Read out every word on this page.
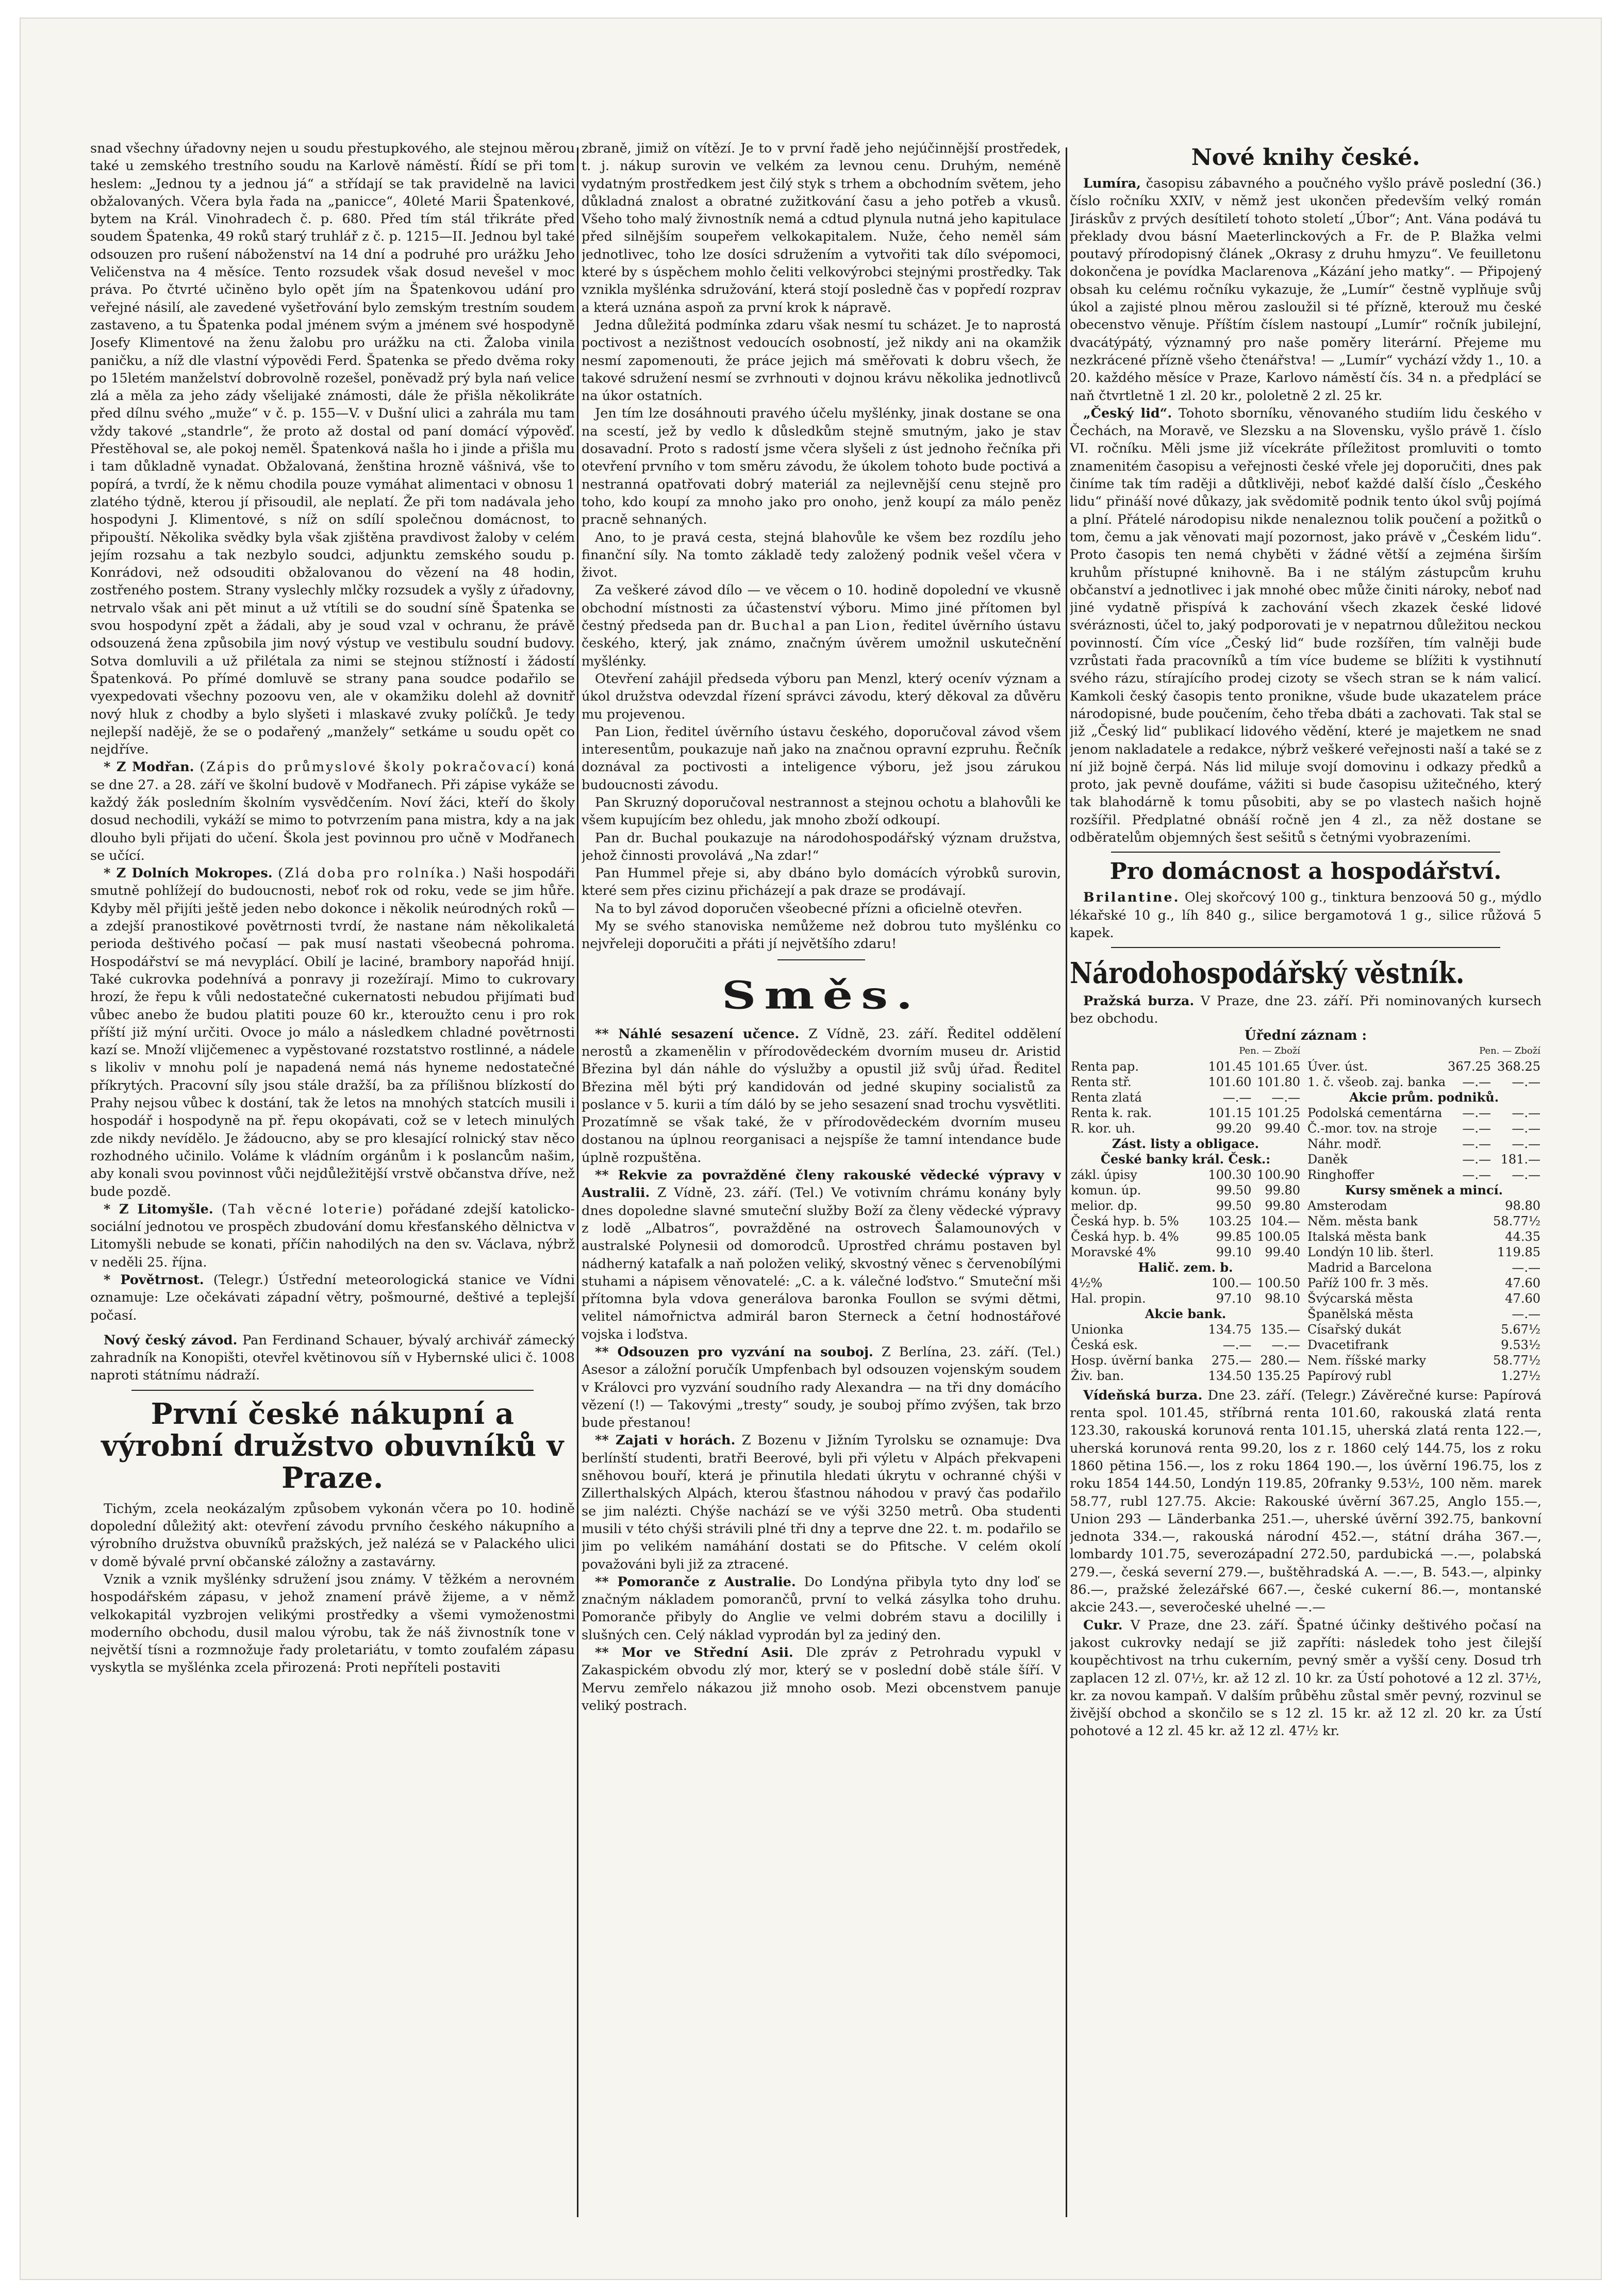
snad všechny úřadovny nejen u soudu přestupkového, ale stejnou měrou také u zemského trestního soudu na Karlově náměstí. Řídí se při tom heslem: „Jednou ty a jednou já“ a střídají se tak pravidelně na lavici obžalovaných. Včera byla řada na „panicce“, 40leté Marii Špatenkové, bytem na Král. Vinohradech č. p. 680. Před tím stál třikráte před soudem Špatenka, 49 roků starý truhlář z č. p. 1215—II. Jednou byl také odsouzen pro rušení náboženství na 14 dní a podruhé pro urážku Jeho Veličenstva na 4 měsíce. Tento rozsudek však dosud nevešel v moc práva. Po čtvrté učiněno bylo opět jím na Špatenkovou udání pro veřejné násilí, ale zavedené vyšetřování bylo zemským trestním soudem zastaveno, a tu Špatenka podal jménem svým a jménem své hospodyně Josefy Klimentové na ženu žalobu pro urážku na cti. Žaloba vinila paničku, a níž dle vlastní výpovědi Ferd. Špatenka se předo dvěma roky po 15letém manželství dobrovolně rozešel, poněvadž prý byla nań velice zlá a měla za jeho zády všelijaké známosti, dále že přišla několikráte před dílnu svého „muže“ v č. p. 155—V. v Dušní ulici a zahrála mu tam vždy takové „standrle“, že proto až dostal od paní domácí výpověď. Přestěhoval se, ale pokoj neměl. Špatenková našla ho i jinde a přišla mu i tam důkladně vynadat. Obžalovaná, ženština hrozně vášnivá, vše to popírá, a tvrdí, že k němu chodila pouze vymáhat alimentaci v obnosu 1 zlatého týdně, kterou jí přisoudil, ale neplatí. Že při tom nadávala jeho hospodyni J. Klimentové, s níž on sdílí společnou domácnost, to připouští. Několika svědky byla však zjištěna pravdivost žaloby v celém jejím rozsahu a tak nezbylo soudci, adjunktu zemského soudu p. Konrádovi, než odsouditi obžalovanou do vězení na 48 hodin, zostřeného postem. Strany vyslechly mlčky rozsudek a vyšly z úřadovny, netrvalo však ani pět minut a už vtítili se do soudní síně Špatenka se svou hospodyní zpět a žádali, aby je soud vzal v ochranu, že právě odsouzená žena způsobila jim nový výstup ve vestibulu soudní budovy. Sotva domluvili a už přilétala za nimi se stejnou stížností i žádostí Špatenková. Po přímé domluvě se strany pana soudce podařilo se vyexpedovati všechny pozoovu ven, ale v okamžiku dolehl až dovnitř nový hluk z chodby a bylo slyšeti i mlaskavé zvuky políčků. Je tedy nejlepší nadějě, že se o podařený „manžely“ setkáme u soudu opět co nejdříve.

* Z Modřan. (Zápis do průmyslové školy pokračovací) koná se dne 27. a 28. září ve školní budově v Modřanech. Při zápise vykáže se každý žák posledním školním vysvědčením. Noví žáci, kteří do školy dosud nechodili, vykáží se mimo to potvrzením pana mistra, kdy a na jak dlouho byli přijati do učení. Škola jest povinnou pro učně v Modřanech se učící.

* Z Dolních Mokropes. (Zlá doba pro rolníka.) Naši hospodáři smutně pohlížejí do budoucnosti, neboť rok od roku, vede se jim hůře. Kdyby měl přijíti ještě jeden nebo dokonce i několik neúrodných roků — a zdejší pranostikové povětrnosti tvrdí, že nastane nám několikaletá perioda deštivého počasí — pak musí nastati všeobecná pohroma. Hospodářství se má nevyplácí. Obilí je laciné, brambory napořád hnijí. Také cukrovka podehnívá a ponravy ji rozežírají. Mimo to cukrovary hrozí, že řepu k vůli nedostatečné cukernatosti nebudou přijímati buď vůbec anebo že budou platiti pouze 60 kr., kteroužto cenu i pro rok příští již mýní určiti. Ovoce jo málo a následkem chladné povětrnosti kazí se. Množí vlijčemenec a vypěstované rozstatstvo rostlinné, a nádele s likoliv v mnohu polí je napadená nemá nás hyneme nedostatečné příkrytých. Pracovní síly jsou stále dražší, ba za přílišnou blízkostí do Prahy nejsou vůbec k dostání, tak že letos na mnohých statcích musili i hospodář i hospodyně na př. řepu okopávati, což se v letech minulých zde nikdy nevídělo. Je žádoucno, aby se pro klesající rolnický stav něco rozhodného učinilo. Voláme k vládním orgánům i k poslancům našim, aby konali svou povinnost vůči nejdůležitější vrstvě občanstva dříve, než bude pozdě.

* Z Litomyšle. (Tah věcné loterie) pořádané zdejší katolicko-sociální jednotou ve prospěch zbudování domu křesťanského dělnictva v Litomyšli nebude se konati, příčin nahodilých na den sv. Václava, nýbrž v neděli 25. října.

* Povětrnost. (Telegr.) Ústřední meteorologická stanice ve Vídni oznamuje: Lze očekávati západní větry, pošmourné, deštivé a teplejší počasí.

Nový český závod. Pan Ferdinand Schauer, bývalý archivář zámecký zahradník na Konopišti, otevřel květinovou síň v Hybernské ulici č. 1008 naproti státnímu nádraží.

První české nákupní a výrobní družstvo obuvníků v Praze.

Tichým, zcela neokázalým způsobem vykonán včera po 10. hodině dopolední důležitý akt: otevření závodu prvního českého nákupního a výrobního družstva obuvníků pražských, jež nalézá se v Palackého ulici v domě bývalé první občanské záložny a zastavárny.

Vznik a vznik myšlénky sdružení jsou známy. V těžkém a nerovném hospodářském zápasu, v jehož znamení právě žijeme, a v němž velkokapitál vyzbrojen velikými prostředky a všemi vymoženostmi moderního obchodu, dusil malou výrobu, tak že náš živnostník tone v největší tísni a rozmnožuje řady proletariátu, v tomto zoufalém zápasu vyskytla se myšlénka zcela přirozená: Proti nepříteli postaviti

zbraně, jimiž on vítězí. Je to v první řadě jeho nejúčinnější prostředek, t. j. nákup surovin ve velkém za levnou cenu. Druhým, neméně vydatným prostředkem jest čilý styk s trhem a obchodním světem, jeho důkladná znalost a obratné zužitkování času a jeho potřeb a vkusů. Všeho toho malý živnostník nemá a cdtud plynula nutná jeho kapitulace před silnějším soupeřem velkokapitalem. Nuže, čeho neměl sám jednotlivec, toho lze dosíci sdružením a vytvořiti tak dílo svépomoci, které by s úspěchem mohlo čeliti velkovýrobci stejnými prostředky. Tak vznikla myšlénka sdružování, která stojí posledně čas v popředí rozprav a která uznána aspoň za první krok k nápravě.

Jedna důležitá podmínka zdaru však nesmí tu scházet. Je to naprostá poctivost a nezištnost vedoucích osobností, jež nikdy ani na okamžik nesmí zapomenouti, že práce jejich má směřovati k dobru všech, že takové sdružení nesmí se zvrhnouti v dojnou krávu několika jednotlivců na úkor ostatních.

Jen tím lze dosáhnouti pravého účelu myšlénky, jinak dostane se ona na scestí, jež by vedlo k důsledkům stejně smutným, jako je stav dosavadní. Proto s radostí jsme včera slyšeli z úst jednoho řečníka při otevření prvního v tom směru závodu, že úkolem tohoto bude poctivá a nestranná opatřovati dobrý materiál za nejlevnější cenu stejně pro toho, kdo koupí za mnoho jako pro onoho, jenž koupí za málo peněz pracně sehnaných.

Ano, to je pravá cesta, stejná blahovůle ke všem bez rozdílu jeho finanční síly. Na tomto základě tedy založený podnik vešel včera v život.

Za veškeré závod dílo — ve věcem o 10. hodině dopolední ve vkusně obchodní místnosti za účastenství výboru. Mimo jiné přítomen byl čestný předseda pan dr. Buchal a pan Lion, ředitel úvěrního ústavu českého, který, jak známo, značným úvěrem umožnil uskutečnění myšlénky.

Otevření zahájil předseda výboru pan Menzl, který ocenív význam a úkol družstva odevzdal řízení správci závodu, který děkoval za důvěru mu projevenou.

Pan Lion, ředitel úvěrního ústavu českého, doporučoval závod všem interesentům, poukazuje naň jako na značnou opravní ezpruhu. Řečník doznával za poctivosti a inteligence výboru, jež jsou zárukou budoucnosti závodu.

Pan Skruzný doporučoval nestrannost a stejnou ochotu a blahovůli ke všem kupujícím bez ohledu, jak mnoho zboží odkoupí.

Pan dr. Buchal poukazuje na národohospodářský význam družstva, jehož činnosti provolává „Na zdar!“

Pan Hummel přeje si, aby dbáno bylo domácích výrobků surovin, které sem přes cizinu přicházejí a pak draze se prodávají.

Na to byl závod doporučen všeobecné přízni a oficielně otevřen.

My se svého stanoviska nemůžeme než dobrou tuto myšlénku co nejvřeleji doporučiti a přáti jí největšího zdaru!

Směs.

** Náhlé sesazení učence. Z Vídně, 23. září. Ředitel oddělení nerostů a zkamenělin v přírodovědeckém dvorním museu dr. Aristid Březina byl dán náhle do výslužby a opustil již svůj úřad. Ředitel Březina měl býti prý kandidován od jedné skupiny socialistů za poslance v 5. kurii a tím dáló by se jeho sesazení snad trochu vysvětliti. Prozatímně se však také, že v přírodovědeckém dvorním museu dostanou na úplnou reorganisaci a nejspíše že tamní intendance bude úplně rozpuštěna.

** Rekvie za povražděné členy rakouské vědecké výpravy v Australii. Z Vídně, 23. září. (Tel.) Ve votivním chrámu konány byly dnes dopoledne slavné smuteční služby Boží za členy vědecké výpravy z lodě „Albatros“, povražděné na ostrovech Šalamounových v australské Polynesii od domorodců. Uprostřed chrámu postaven byl nádherný katafalk a naň položen veliký, skvostný věnec s červenobílými stuhami a nápisem věnovatelé: „C. a k. válečné loďstvo.“ Smuteční mši přítomna byla vdova generálova baronka Foullon se svými dětmi, velitel námořnictva admirál baron Sterneck a četní hodnostářové vojska i loďstva.

** Odsouzen pro vyzvání na souboj. Z Berlína, 23. září. (Tel.) Asesor a záložní poručík Umpfenbach byl odsouzen vojenským soudem v Královci pro vyzvání soudního rady Alexandra — na tři dny domácího vězení (!) — Takovými „tresty“ soudy, je souboj přímo zvýšen, tak brzo bude přestanou!

** Zajati v horách. Z Bozenu v Jižním Tyrolsku se oznamuje: Dva berlínští studenti, bratři Beerové, byli při výletu v Alpách překvapeni sněhovou bouří, která je přinutila hledati úkrytu v ochranné chýši v Zillerthalských Alpách, kterou šťastnou náhodou v pravý čas podařilo se jim nalézti. Chýše nachází se ve výši 3250 metrů. Oba studenti musili v této chýši strávili plné tři dny a teprve dne 22. t. m. podařilo se jim po velikém namáhání dostati se do Pfitsche. V celém okolí považováni byli již za ztracené.

** Pomoranče z Australie. Do Londýna přibyla tyto dny loď se značným nákladem pomorančů, první to velká zásylka toho druhu. Pomoranče přibyly do Anglie ve velmi dobrém stavu a docililly i slušných cen. Celý náklad vyprodán byl za jediný den.

** Mor ve Střední Asii. Dle zpráv z Petrohradu vypukl v Zakaspickém obvodu zlý mor, který se v poslední době stále šíří. V Mervu zemřelo nákazou již mnoho osob. Mezi obcenstvem panuje veliký postrach.

Nové knihy české.

Lumíra, časopisu zábavného a poučného vyšlo právě poslední (36.) číslo ročníku XXIV, v němž jest ukončen především velký román Jiráskův z prvých desítiletí tohoto století „Úbor“; Ant. Vána podává tu překlady dvou básní Maeterlinckových a Fr. de P. Blažka velmi poutavý přírodopisný článek „Okrasy z druhu hmyzu“. Ve feuilletonu dokončena je povídka Maclarenova „Kázání jeho matky“. — Připojený obsah ku celému ročníku vykazuje, že „Lumír“ čestně vyplňuje svůj úkol a zajisté plnou měrou zasloužil si té přízně, kterouž mu české obecenstvo věnuje. Příštím číslem nastoupí „Lumír“ ročník jubilejní, dvacátýpátý, významný pro naše poměry literární. Přejeme mu nezkrácené přízně všeho čtenářstva! — „Lumír“ vychází vždy 1., 10. a 20. každého měsíce v Praze, Karlovo náměstí čís. 34 n. a předplácí se naň čtvrtletně 1 zl. 20 kr., pololetně 2 zl. 25 kr.

„Český lid“. Tohoto sborníku, věnovaného studiím lidu českého v Čechách, na Moravě, ve Slezsku a na Slovensku, vyšlo právě 1. číslo VI. ročníku. Měli jsme již vícekráte příležitost promluviti o tomto znamenitém časopisu a veřejnosti české vřele jej doporučiti, dnes pak činíme tak tím raději a důtklivěji, neboť každé další číslo „Českého lidu“ přináší nové důkazy, jak svědomitě podnik tento úkol svůj pojímá a plní. Přátelé národopisu nikde nenaleznou tolik poučení a požitků o tom, čemu a jak věnovati mají pozornost, jako právě v „Českém lidu“. Proto časopis ten nemá chyběti v žádné větší a zejména širším kruhům přístupné knihovně. Ba i ne stálým zástupcům kruhu občanství a jednotlivec i jak mnohé obec může činiti nároky, neboť nad jiné vydatně přispívá k zachování všech zkazek české lidové svéráznosti, účel to, jaký podporovati je v nepatrnou důležitou neckou povinností. Čím více „Český lid“ bude rozšířen, tím valněji bude vzrůstati řada pracovníků a tím více budeme se blížiti k vystihnutí svého rázu, stírajícího prodej cizoty se všech stran se k nám valicí. Kamkoli český časopis tento pronikne, všude bude ukazatelem práce národopisné, bude poučením, čeho třeba dbáti a zachovati. Tak stal se již „Český lid“ publikací lidového vědění, které je majetkem ne snad jenom nakladatele a redakce, nýbrž veškeré veřejnosti naší a také se z ní již bojně čerpá. Nás lid miluje svojí domovinu i odkazy předků a proto, jak pevně doufáme, vážiti si bude časopisu užitečného, který tak blahodárně k tomu působiti, aby se po vlastech našich hojně rozšířil. Předplatné obnáší ročně jen 4 zl., za něž dostane se odběratelům objemných šest sešitů s četnými vyobrazeními.

Pro domácnost a hospodářství.

Brilantine. Olej skořcový 100 g., tinktura benzoová 50 g., mýdlo lékařské 10 g., líh 840 g., silice bergamotová 1 g., silice růžová 5 kapek.

Národohospodářský věstník.

Pražská burza. V Praze, dne 23. září. Při nominovaných kursech bez obchodu.

Úřední záznam :
	Pen. — Zboží	
Renta pap.	101.45	101.65
Renta stř.	101.60	101.80
Renta zlatá	—.—	—.—
Renta k. rak.	101.15	101.25
R. kor. uh.	99.20	99.40
Zást. listy a obligace.		
České banky král. Česk.:		
zákl. úpisy	100.30	100.90
komun. úp.	99.50	99.80
melior. dp.	99.50	99.80
Česká hyp. b. 5%	103.25	104.—
Česká hyp. b. 4%	99.85	100.05
Moravské 4%	99.10	99.40
Halič. zem. b.		
4½%	100.—	100.50
Hal. propin.	97.10	98.10
Akcie bank.		
Unionka	134.75	135.—
Česká esk.	—.—	—.—
Hosp. úvěrní banka	275.—	280.—
Živ. ban.	134.50	135.25
	Pen. — Zboží	
Úver. úst.	367.25	368.25
1. č. všeob. zaj. banka	—.—	—.—
Akcie prům. podniků.		
Podolská cementárna	—.—	—.—
Č.-mor. tov. na stroje	—.—	—.—
Náhr. modř.	—.—	—.—
Daněk	—.—	181.—
Ringhoffer	—.—	—.—
Kursy směnek a mincí.		
Amsterodam		98.80
Něm. města bank		58.77½
Italská města bank		44.35
Londýn 10 lib. šterl.		119.85
Madrid a Barcelona		—.—
Paříž 100 fr. 3 měs.		47.60
Švýcarská města		47.60
Španělská města		—.—
Císařský dukát		5.67½
Dvacetifrank		9.53½
Nem. říšské marky		58.77½
Papírový rubl		1.27½

Vídeňská burza. Dne 23. září. (Telegr.) Závěrečné kurse: Papírová renta spol. 101.45, stříbrná renta 101.60, rakouská zlatá renta 123.30, rakouská korunová renta 101.15, uherská zlatá renta 122.—, uherská korunová renta 99.20, los z r. 1860 celý 144.75, los z roku 1860 pětina 156.—, los z roku 1864 190.—, los úvěrní 196.75, los z roku 1854 144.50, Londýn 119.85, 20franky 9.53½, 100 něm. marek 58.77, rubl 127.75. Akcie: Rakouské úvěrní 367.25, Anglo 155.—, Union 293 — Länderbanka 251.—, uherské úvěrní 392.75, bankovní jednota 334.—, rakouská národní 452.—, státní dráha 367.—, lombardy 101.75, severozápadní 272.50, pardubická —.—, polabská 279.—, česká severní 279.—, buštěhradská A. —.—, B. 543.—, alpinky 86.—, pražské železářské 667.—, české cukerní 86.—, montanské akcie 243.—, severočeské uhelné —.—

Cukr. V Praze, dne 23. září. Špatné účinky deštivého počasí na jakost cukrovky nedají se již zapříti: následek toho jest čilejší koupěchtivost na trhu cukerním, pevný směr a vyšší ceny. Dosud trh zaplacen 12 zl. 07½, kr. až 12 zl. 10 kr. za Ústí pohotové a 12 zl. 37½, kr. za novou kampaň. V dalším průběhu zůstal směr pevný, rozvinul se živější obchod a skončilo se s 12 zl. 15 kr. až 12 zl. 20 kr. za Ústí pohotové a 12 zl. 45 kr. až 12 zl. 47½ kr.
